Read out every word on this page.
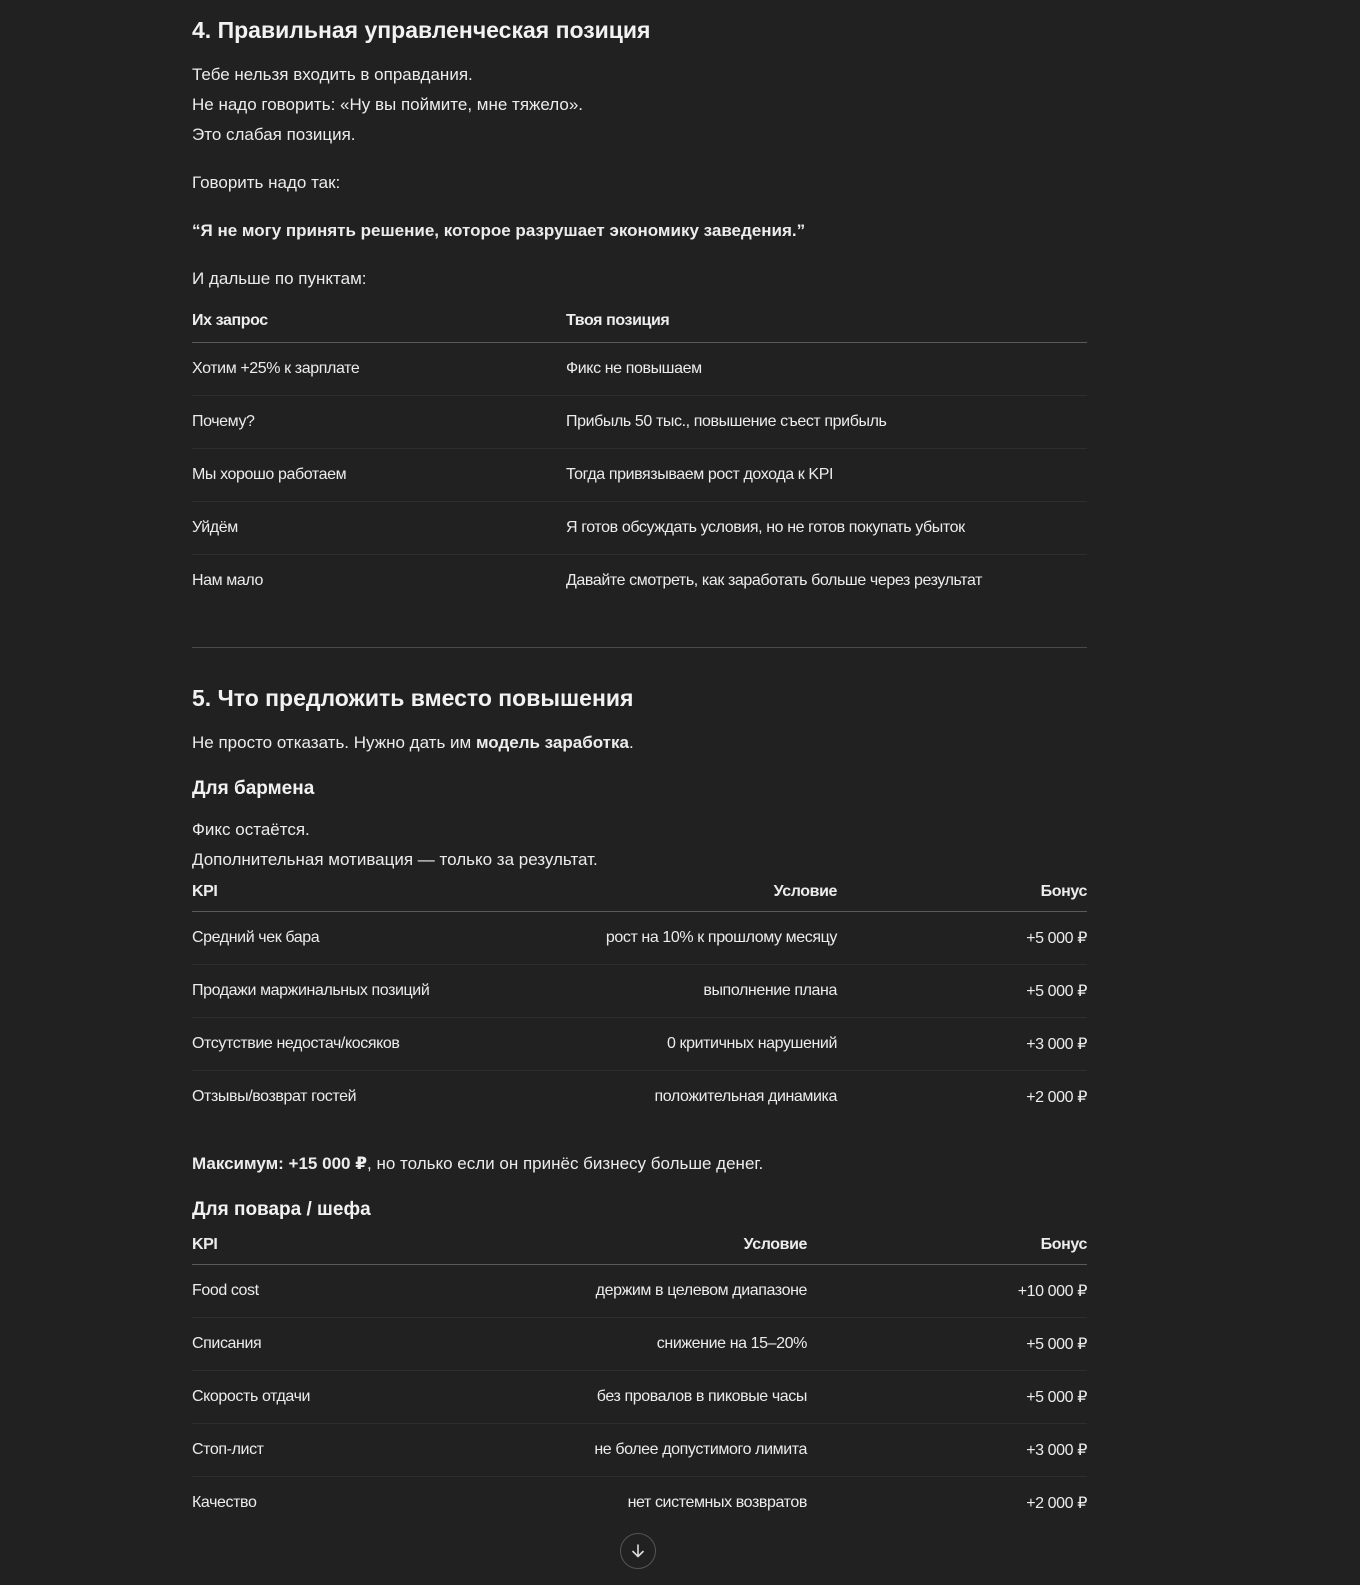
4. Правильная управленческая позиция

Тебе нельзя входить в оправдания.
Не надо говорить: «Ну вы поймите, мне тяжело».
Это слабая позиция.

Говорить надо так:

“Я не могу принять решение, которое разрушает экономику заведения.”

И дальше по пунктам:

Их запрос	Твоя позиция
Хотим +25% к зарплате	Фикс не повышаем
Почему?	Прибыль 50 тыс., повышение съест прибыль
Мы хорошо работаем	Тогда привязываем рост дохода к KPI
Уйдём	Я готов обсуждать условия, но не готов покупать убыток
Нам мало	Давайте смотреть, как заработать больше через результат
5. Что предложить вместо повышения

Не просто отказать. Нужно дать им модель заработка.

Для бармена

Фикс остаётся.
Дополнительная мотивация — только за результат.

KPI	Условие	Бонус
Средний чек бара	рост на 10% к прошлому месяцу	+5 000 ₽
Продажи маржинальных позиций	выполнение плана	+5 000 ₽
Отсутствие недостач/косяков	0 критичных нарушений	+3 000 ₽
Отзывы/возврат гостей	положительная динамика	+2 000 ₽

Максимум: +15 000 ₽, но только если он принёс бизнесу больше денег.

Для повара / шефа
KPI	Условие	Бонус
Food cost	держим в целевом диапазоне	+10 000 ₽
Списания	снижение на 15–20%	+5 000 ₽
Скорость отдачи	без провалов в пиковые часы	+5 000 ₽
Стоп-лист	не более допустимого лимита	+3 000 ₽
Качество	нет системных возвратов	+2 000 ₽
